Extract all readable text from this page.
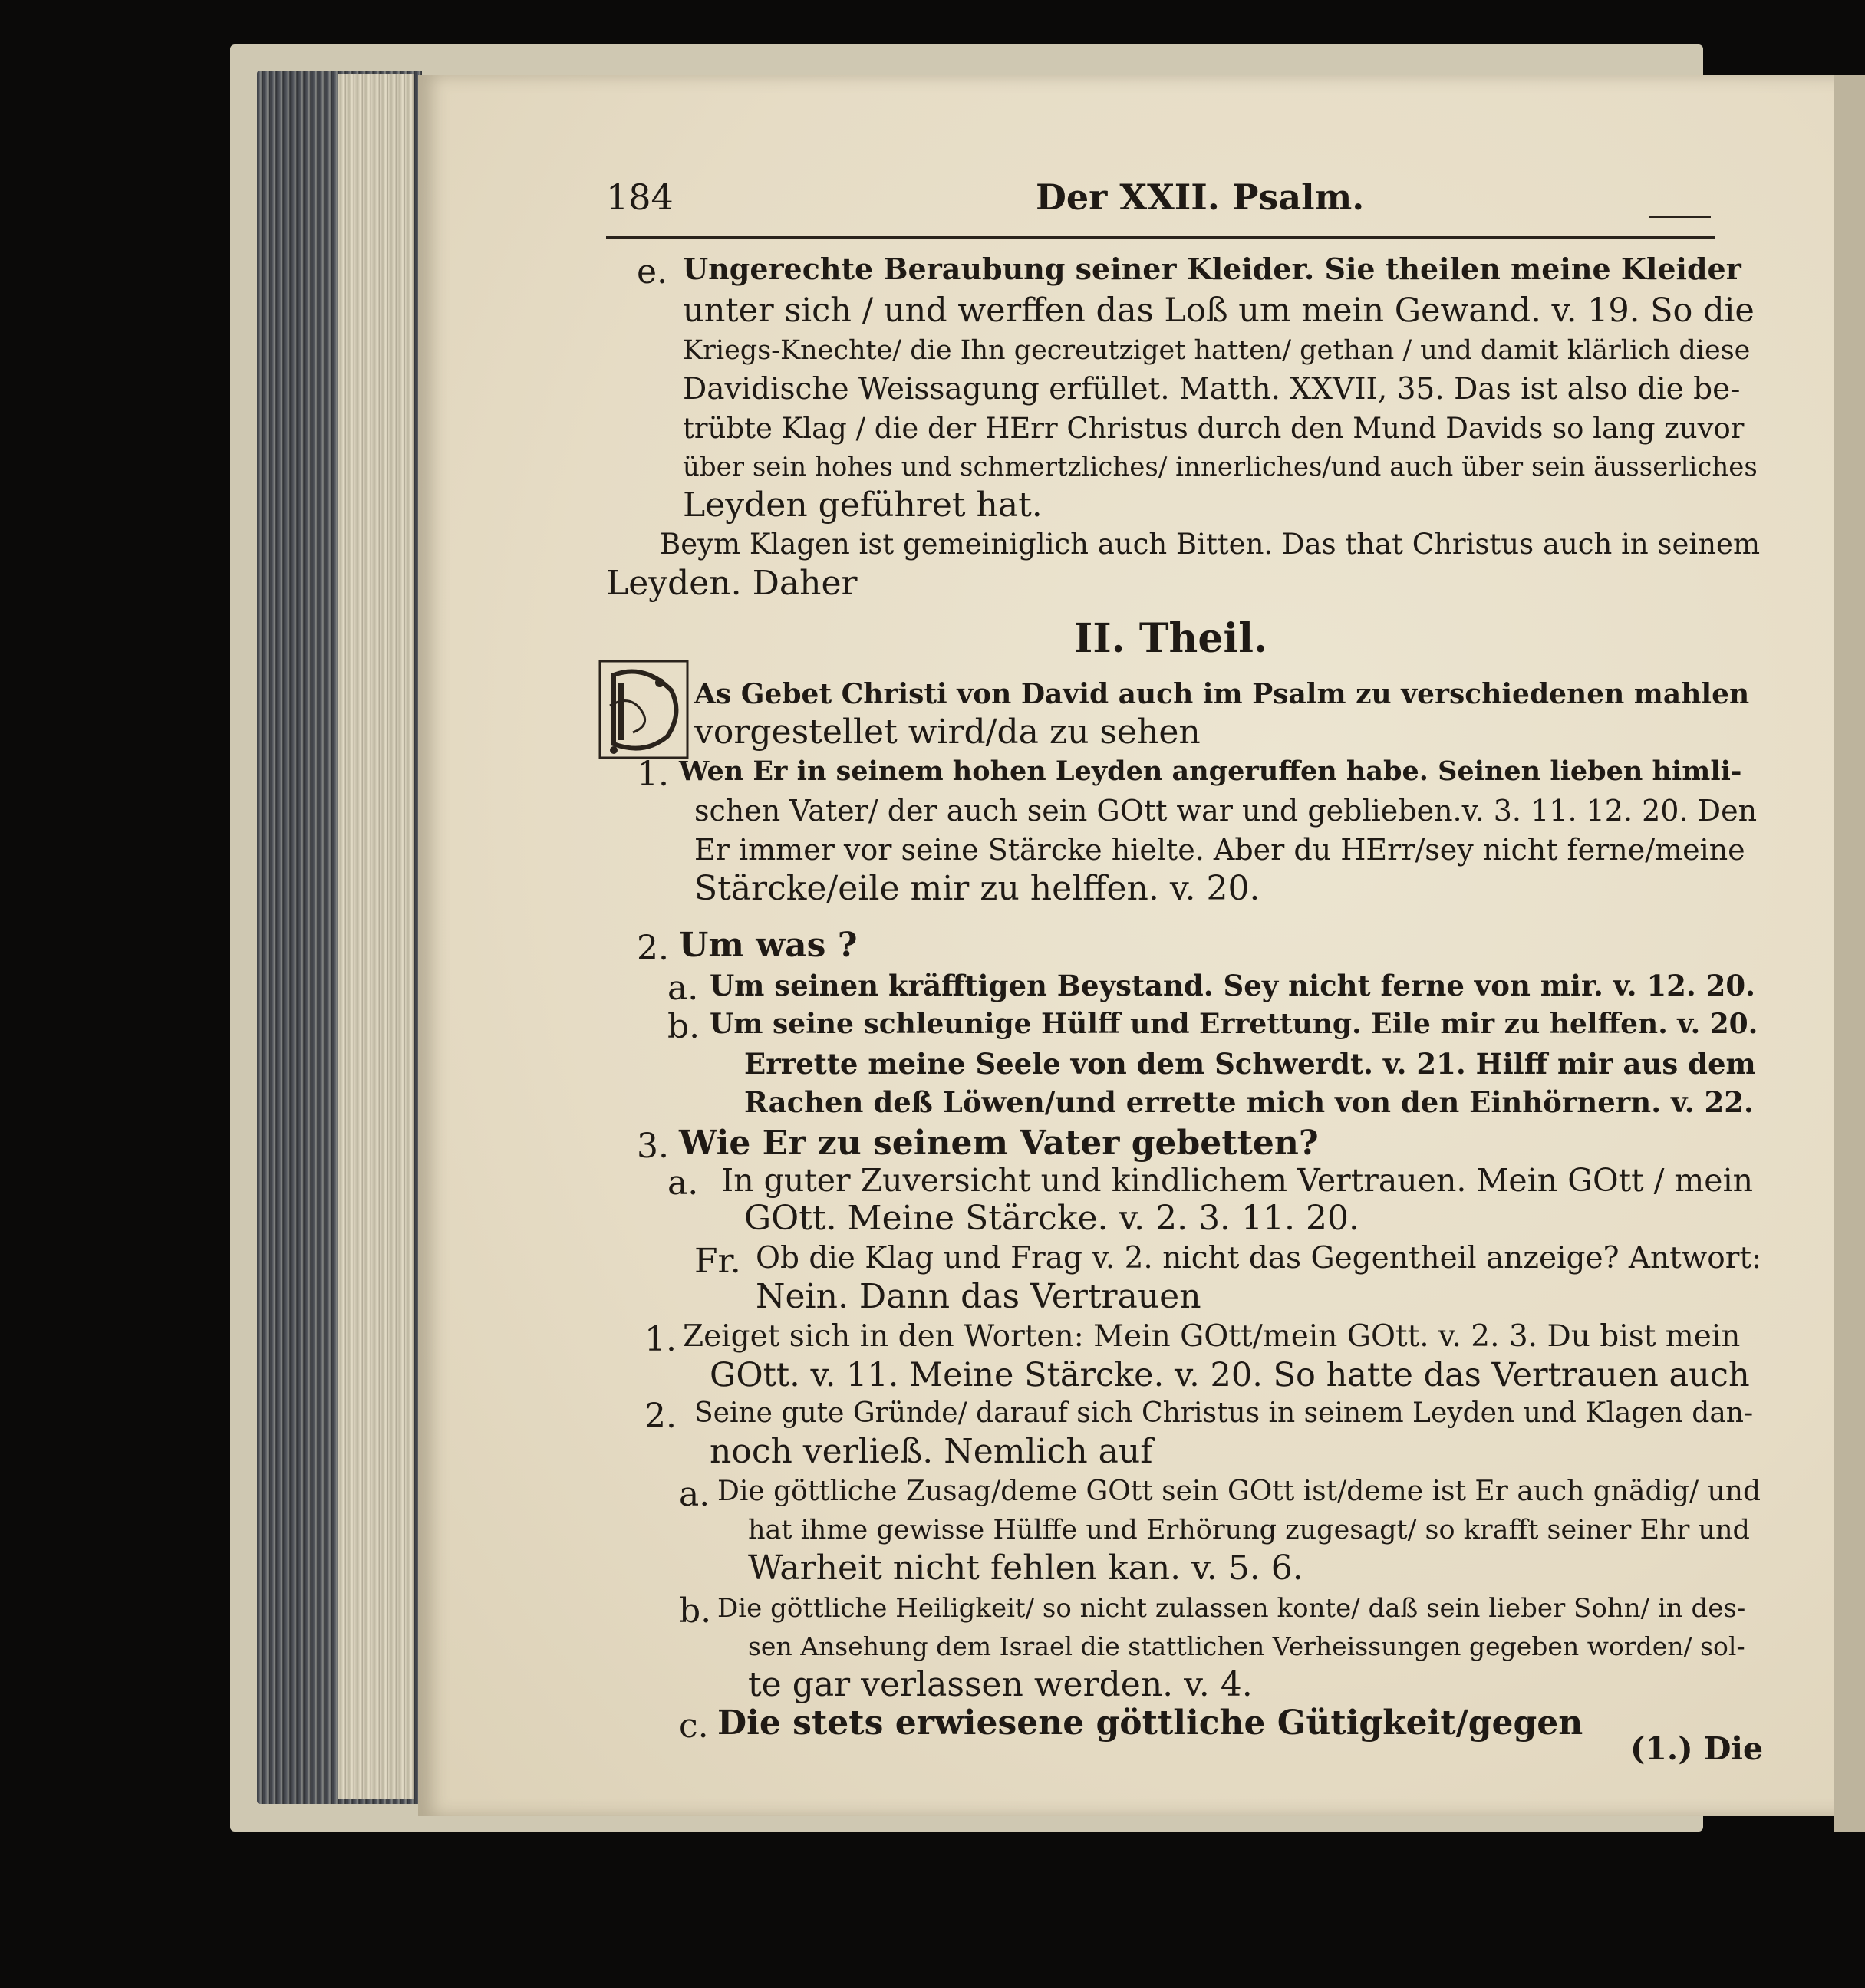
184	Der XXII. Psalm.
e. Ungerechte Beraubung seiner Kleider. Sie theilen meine Kleider
unter sich / und werffen das Loß um mein Gewand. v. 19. So die
Kriegs-Knechte/ die Ihn gecreutziget hatten/ gethan / und damit klärlich diese
Davidische Weissagung erfüllet. Matth. XXVII, 35. Das ist also die be-
trübte Klag / die der HErr Christus durch den Mund Davids so lang zuvor
über sein hohes und schmertzliches/ innerliches/und auch über sein äusserliches
Leyden geführet hat.
Beym Klagen ist gemeiniglich auch Bitten. Das that Christus auch in seinem
Leyden. Daher
II. Theil.
As Gebet Christi von David auch im Psalm zu verschiedenen mahlen
vorgestellet wird/da zu sehen
1. Wen Er in seinem hohen Leyden angeruffen habe. Seinen lieben himli-
schen Vater/ der auch sein GOtt war und geblieben.v. 3. 11. 12. 20. Den
Er immer vor seine Stärcke hielte. Aber du HErr/sey nicht ferne/meine
Stärcke/eile mir zu helffen. v. 20.
2. Um was ?
a. Um seinen kräfftigen Beystand. Sey nicht ferne von mir. v. 12. 20.
b. Um seine schleunige Hülff und Errettung. Eile mir zu helffen. v. 20.
Errette meine Seele von dem Schwerdt. v. 21. Hilff mir aus dem
Rachen deß Löwen/und errette mich von den Einhörnern. v. 22.
3. Wie Er zu seinem Vater gebetten?
a. In guter Zuversicht und kindlichem Vertrauen. Mein GOtt / mein
GOtt. Meine Stärcke. v. 2. 3. 11. 20.
Fr. Ob die Klag und Frag v. 2. nicht das Gegentheil anzeige? Antwort:
Nein. Dann das Vertrauen
1. Zeiget sich in den Worten: Mein GOtt/mein GOtt. v. 2. 3. Du bist mein
GOtt. v. 11. Meine Stärcke. v. 20. So hatte das Vertrauen auch
2. Seine gute Gründe/ darauf sich Christus in seinem Leyden und Klagen dan-
noch verließ. Nemlich auf
a. Die göttliche Zusag/deme GOtt sein GOtt ist/deme ist Er auch gnädig/ und
hat ihme gewisse Hülffe und Erhörung zugesagt/ so krafft seiner Ehr und
Warheit nicht fehlen kan. v. 5. 6.
b. Die göttliche Heiligkeit/ so nicht zulassen konte/ daß sein lieber Sohn/ in des-
sen Ansehung dem Israel die stattlichen Verheissungen gegeben worden/ sol-
te gar verlassen werden. v. 4.
c. Die stets erwiesene göttliche Gütigkeit/gegen
(1.) Die
